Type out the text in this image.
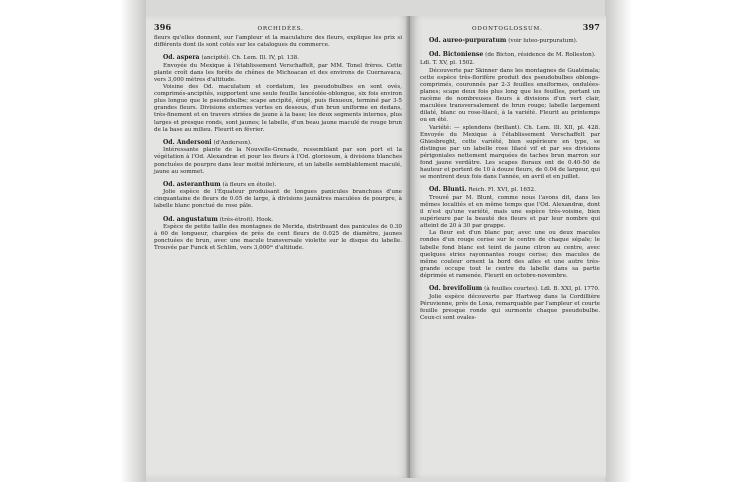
396	ORCHIDÉES.

fleurs qu'elles donnent, sur l'ampleur et la maculature des fleurs, explique les prix si différents dont ils sont cotés sur les catalogues du commerce.

Od. aspera (ancipité). Ch. Lem. Ill. IV, pl. 138.

Envoyée du Mexique à l'établissement Verschaffelt, par MM. Tonel frères. Cette plante croît dans les forêts de chênes de Michoacan et des environs de Cuernavaca, vers 3,000 mètres d'altitude.

Voisine des Od. maculatum et cordatum, les pseudobulbes en sont ovés, comprimés-ancipités, supportent une seule feuille lancéolée-oblongue, six fois environ plus longue que le pseudobulbe; scape ancipité, érigé, puis flexueux, terminé par 3-5 grandes fleurs. Divisions externes vertes en dessous, d'un brun uniforme en dedans, très-finement et en travers striées de jaune à la base; les deux segments internes, plus larges et presque ronds, sont jaunes; le labelle, d'un beau jaune maculé de rouge brun de la base au milieu. Fleurit en février.

Od. Andersoni (d'Anderson).

Intéressante plante de la Nouvelle-Grenade, ressemblant par son port et la végétation à l'Od. Alexandræ et pour les fleurs à l'Od. gloriosum, à divisions blanches ponctuées de pourpre dans leur moitié inférieure, et un labelle semblablement maculé, jaune au sommet.

Od. asteranthum (à fleurs en étoile).

Jolie espèce de l'Équateur produisant de longues panicules branchues d'une cinquantaine de fleurs de 0.05 de large, à divisions jaunâtres maculées de pourpre, à labelle blanc ponctué de rose pâle.

Od. angustatum (très-étroit). Hook.

Espèce de petite taille des montagnes de Merida, distribuant des panicules de 0.30 à 60 de longueur, chargées de près de cent fleurs de 0.025 de diamètre, jaunes ponctuées de brun, avec une macule transversale violette sur le disque du labelle. Trouvée par Funck et Schlim, vers 3,000ᵐ d'altitude.

ODONTOGLOSSUM.	397
Od. aureo-purpuratum (voir luteo-purpuratum).
Od. Bictoniense (de Bicton, résidence de M. Rolleston). Ldl. T. XV, pl. 1502.

Découverte par Skinner dans les montagnes de Guatémala; cette espèce très-florifère produit des pseudobulbes oblongs-comprimés, couronnés par 2-3 feuilles ensiformes, ondulées-planes; scape deux fois plus long que les feuilles, portant un racème de nombreuses fleurs à divisions d'un vert clair, maculées transversalement de brun rouge; labelle largement dilaté, blanc ou rose-lilacé, à la variété. Fleurit au printemps ou en été.

Variété: — splendens (brillant). Ch. Lem. Ill. XII, pl. 428. Envoyée du Mexique à l'établissement Verschaffelt par Ghiesbreght, cette variété, bien supérieure en type, se distingue par un labelle rose lilacé vif et par ses divisions périgoniales nettement marquées de taches brun marron sur fond jaune verdâtre. Les scapes floraux ont de 0.40-50 de hauteur et portent de 10 à douze fleurs, de 0.04 de largeur, qui se montrent deux fois dans l'année, en avril et en juillet.

Od. Blunti. Reich. Fl. XVI, pl. 1652.

Trouvé par M. Blunt, comme nous l'avons dit, dans les mêmes localités et en même temps que l'Od. Alexandræ, dont il n'est qu'une variété, mais une espèce très-voisine, bien supérieure par la beauté des fleurs et par leur nombre qui atteint de 20 à 30 par grappe.

La fleur est d'un blanc pur, avec une ou deux macules rondes d'un rouge cerise sur le centre de chaque sépale; le labelle fond blanc est teint de jaune citron au centre, avec quelques stries rayonnantes rouge cerise; des macules de même couleur ornent la bord des ailes et une autre très-grande occupe tout le centre du labelle dans sa partie déprimée et ramenée. Fleurit en octobre-novembre.

Od. brevifolium (à feuilles courtes). Ldl. B. XXI, pl. 1770.

Jolie espèce découverte par Hartweg dans la Cordillière Péruvienne, près de Loxa, remarquable par l'ampleur et courte feuille presque ronde qui surmonte chaque pseudobulbe. Ceux-ci sont ovales-
